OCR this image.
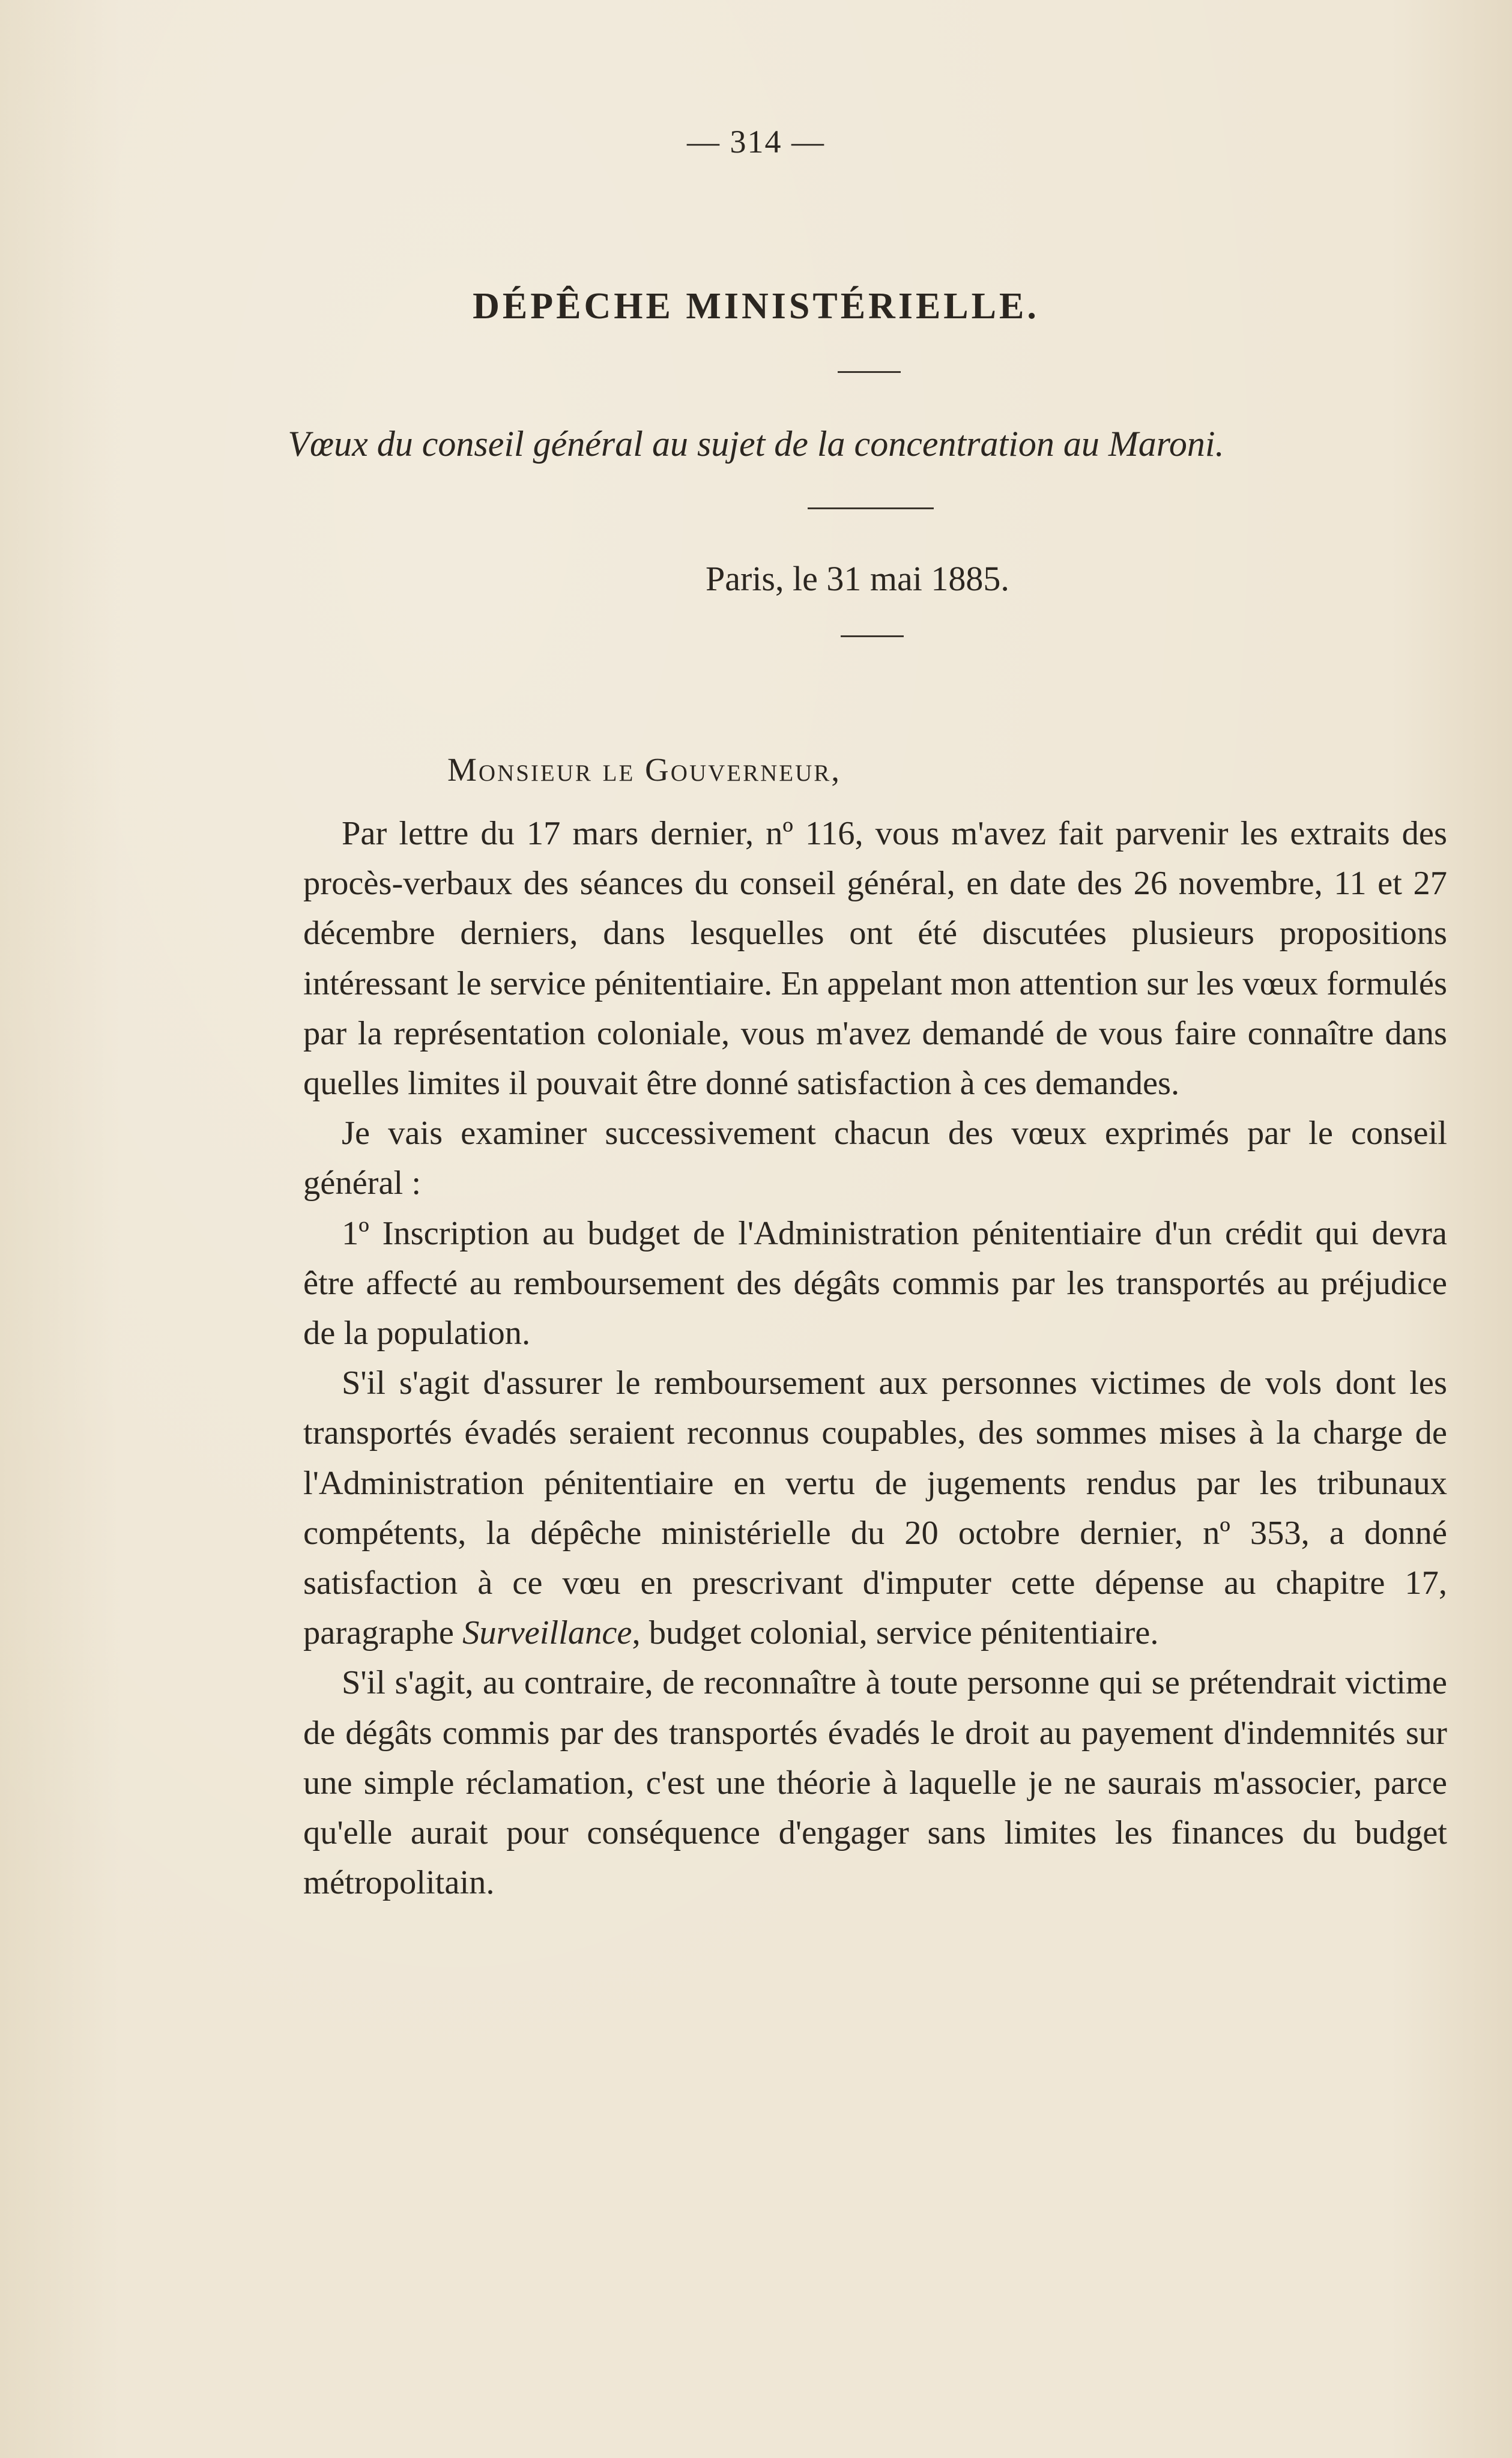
— 314 —
DÉPÊCHE MINISTÉRIELLE.
Vœux du conseil général au sujet de la concentration au Maroni.
Paris, le 31 mai 1885.
Monsieur le Gouverneur,

Par lettre du 17 mars dernier, nº 116, vous m'avez fait parvenir les extraits des procès-verbaux des séances du conseil général, en date des 26 novembre, 11 et 27 décembre derniers, dans lesquelles ont été discutées plusieurs propositions intéressant le service pénitentiaire. En appelant mon attention sur les vœux formulés par la représentation coloniale, vous m'avez demandé de vous faire connaître dans quelles limites il pouvait être donné satisfaction à ces demandes.

Je vais examiner successivement chacun des vœux exprimés par le conseil général :

1º Inscription au budget de l'Administration pénitentiaire d'un crédit qui devra être affecté au remboursement des dégâts commis par les transportés au préjudice de la population.

S'il s'agit d'assurer le remboursement aux personnes victimes de vols dont les transportés évadés seraient reconnus coupables, des sommes mises à la charge de l'Administration pénitentiaire en vertu de jugements rendus par les tribunaux compétents, la dépêche ministérielle du 20 octobre dernier, nº 353, a donné satisfaction à ce vœu en prescrivant d'imputer cette dépense au chapitre 17, paragraphe Surveillance, budget colonial, service pénitentiaire.

S'il s'agit, au contraire, de reconnaître à toute personne qui se prétendrait victime de dégâts commis par des transportés évadés le droit au payement d'indemnités sur une simple réclamation, c'est une théorie à laquelle je ne saurais m'associer, parce qu'elle aurait pour conséquence d'engager sans limites les finances du budget métropolitain.
